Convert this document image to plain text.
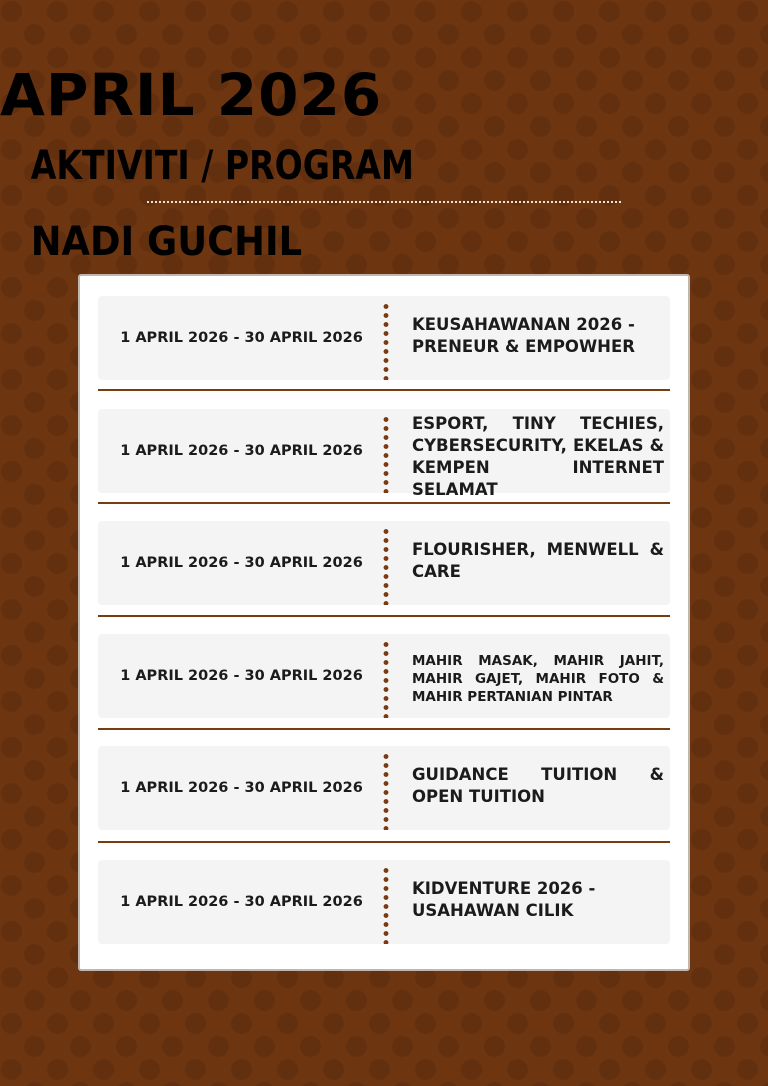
APRIL 2026
AKTIVITI / PROGRAM
NADI GUCHIL
1 APRIL 2026 - 30 APRIL 2026
KEUSAHAWANAN 2026 -PRENEUR & EMPOWHER
1 APRIL 2026 - 30 APRIL 2026
ESPORT, TINY TECHIES, CYBERSECURITY, EKELAS & KEMPEN INTERNET SELAMAT
1 APRIL 2026 - 30 APRIL 2026
FLOURISHER, MENWELL & CARE
1 APRIL 2026 - 30 APRIL 2026
MAHIR MASAK, MAHIR JAHIT, MAHIR GAJET, MAHIR FOTO & MAHIR PERTANIAN PINTAR
1 APRIL 2026 - 30 APRIL 2026
GUIDANCE TUITION & OPEN TUITION
1 APRIL 2026 - 30 APRIL 2026
KIDVENTURE 2026 - USAHAWAN CILIK
